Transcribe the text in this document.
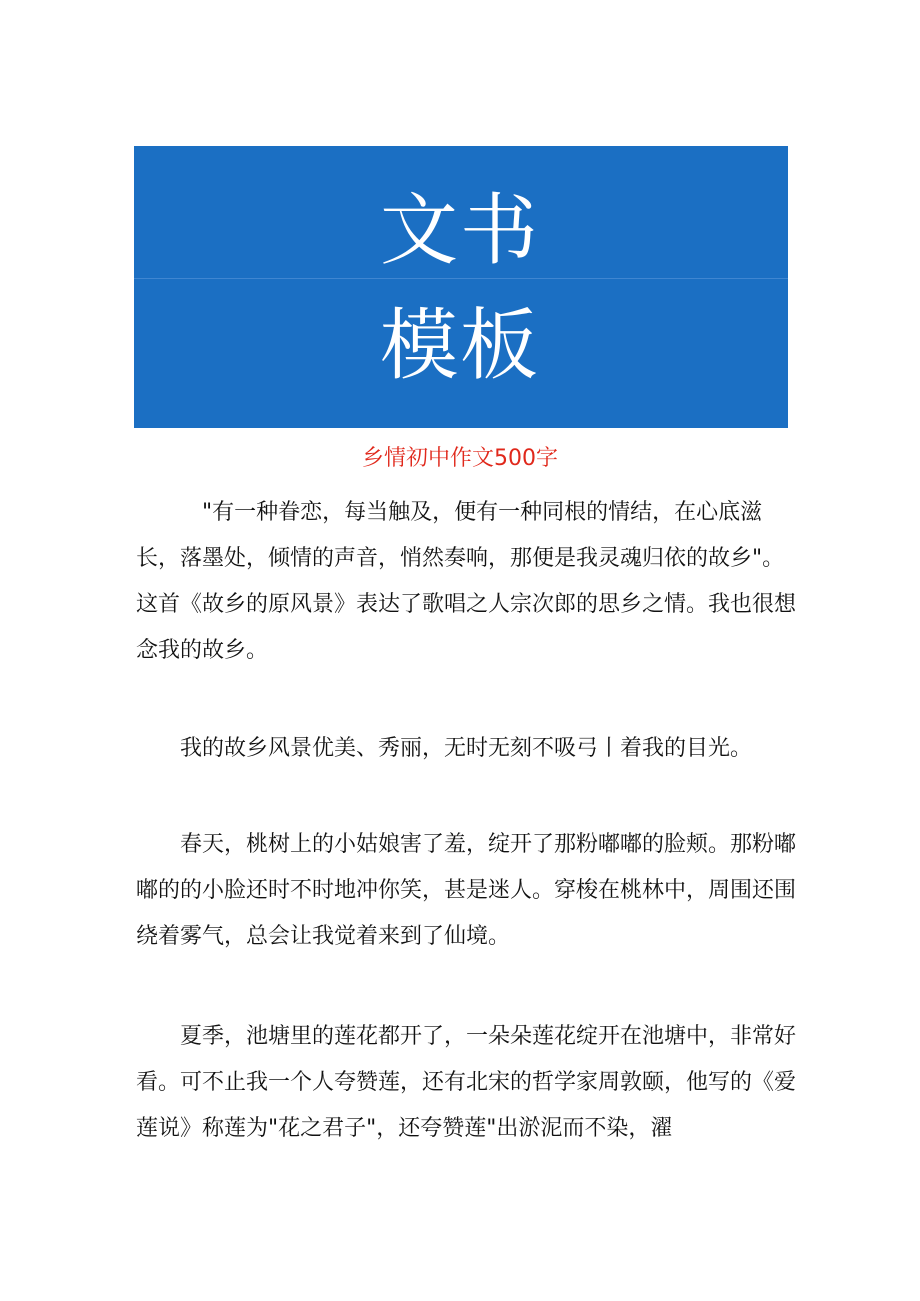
文书
模板
乡情初中作文500字

"有一种眷恋，每当触及，便有一种同根的情结，在心底滋长，落墨处，倾情的声音，悄然奏响，那便是我灵魂归依的故乡"。这首《故乡的原风景》表达了歌唱之人宗次郎的思乡之情。我也很想念我的故乡。

我的故乡风景优美、秀丽，无时无刻不吸弓丨着我的目光。

春天，桃树上的小姑娘害了羞，绽开了那粉嘟嘟的脸颊。那粉嘟嘟的的小脸还时不时地冲你笑，甚是迷人。穿梭在桃林中，周围还围绕着雾气，总会让我觉着来到了仙境。

夏季，池塘里的莲花都开了，一朵朵莲花绽开在池塘中，非常好看。可不止我一个人夸赞莲，还有北宋的哲学家周敦颐，他写的《爱莲说》称莲为"花之君子"，还夸赞莲"出淤泥而不染，濯
